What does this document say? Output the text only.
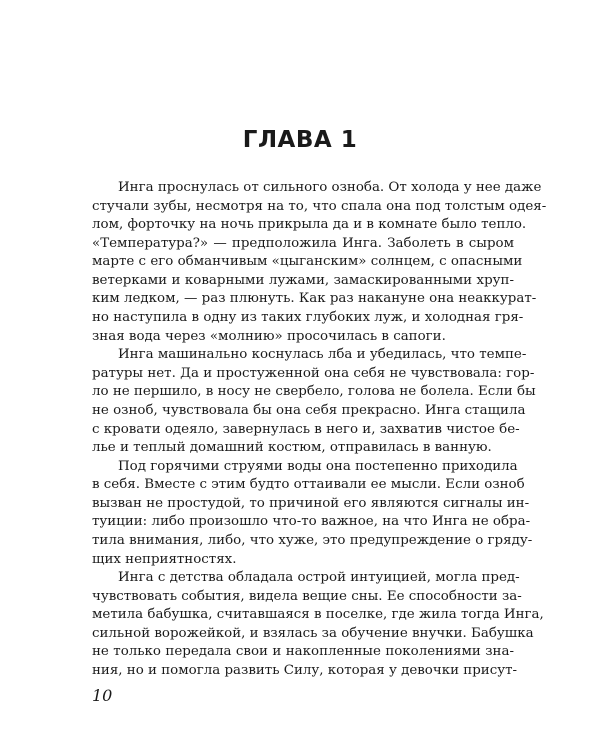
ГЛАВА 1
10
Инга проснулась от сильного озноба. От холода у нее даже
стучали зубы, несмотря на то, что спала она под толстым одея-
лом, форточку на ночь прикрыла да и в комнате было тепло.
«Температура?» — предположила Инга. Заболеть в сыром
марте с его обманчивым «цыганским» солнцем, с опасными
ветерками и коварными лужами, замаскированными хруп-
ким ледком, — раз плюнуть. Как раз накануне она неаккурат-
но наступила в одну из таких глубоких луж, и холодная гря-
зная вода через «молнию» просочилась в сапоги.
Инга машинально коснулась лба и убедилась, что темпе-
ратуры нет. Да и простуженной она себя не чувствовала: гор-
ло не першило, в носу не свербело, голова не болела. Если бы
не озноб, чувствовала бы она себя прекрасно. Инга стащила
с кровати одеяло, завернулась в него и, захватив чистое бе-
лье и теплый домашний костюм, отправилась в ванную.
Под горячими струями воды она постепенно приходила
в себя. Вместе с этим будто оттаивали ее мысли. Если озноб
вызван не простудой, то причиной его являются сигналы ин-
туиции: либо произошло что-то важное, на что Инга не обра-
тила внимания, либо, что хуже, это предупреждение о гряду-
щих неприятностях.
Инга с детства обладала острой интуицией, могла пред-
чувствовать события, видела вещие сны. Ее способности за-
метила бабушка, считавшаяся в поселке, где жила тогда Инга,
сильной ворожейкой, и взялась за обучение внучки. Бабушка
не только передала свои и накопленные поколениями зна-
ния, но и помогла развить Силу, которая у девочки присут-
